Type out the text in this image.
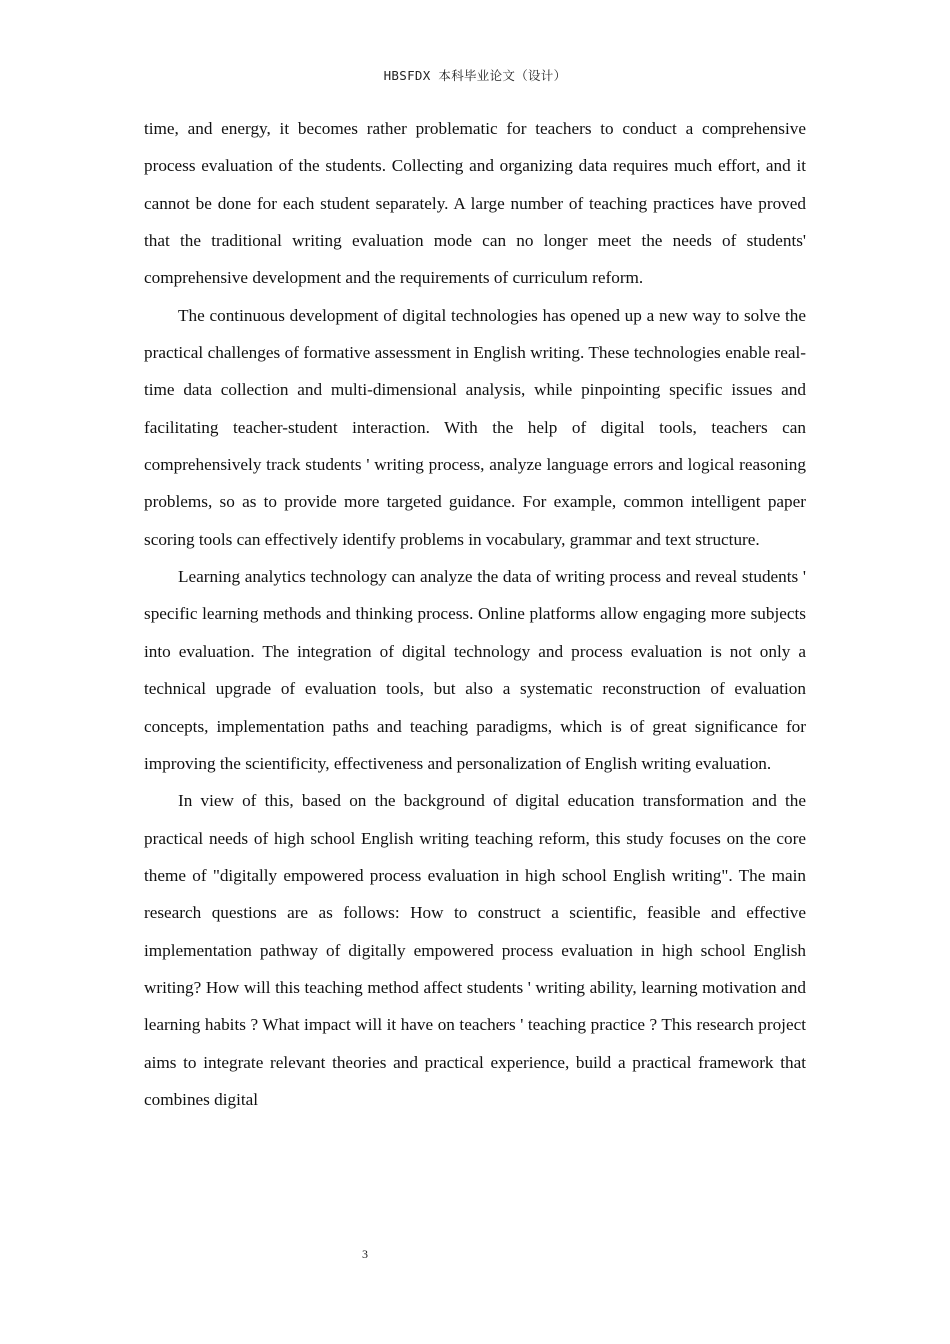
HBSFDX 本科毕业论文（设计）

time, and energy, it becomes rather problematic for teachers to conduct a comprehensive process evaluation of the students. Collecting and organizing data requires much effort, and it cannot be done for each student separately. A large number of teaching practices have proved that the traditional writing evaluation mode can no longer meet the needs of students' comprehensive development and the requirements of curriculum reform.

The continuous development of digital technologies has opened up a new way to solve the practical challenges of formative assessment in English writing. These technologies enable real-time data collection and multi-dimensional analysis, while pinpointing specific issues and facilitating teacher-student interaction. With the help of digital tools, teachers can comprehensively track students ' writing process, analyze language errors and logical reasoning problems, so as to provide more targeted guidance. For example, common intelligent paper scoring tools can effectively identify problems in vocabulary, grammar and text structure.

Learning analytics technology can analyze the data of writing process and reveal students ' specific learning methods and thinking process. Online platforms allow engaging more subjects into evaluation. The integration of digital technology and process evaluation is not only a technical upgrade of evaluation tools, but also a systematic reconstruction of evaluation concepts, implementation paths and teaching paradigms, which is of great significance for improving the scientificity, effectiveness and personalization of English writing evaluation.

In view of this, based on the background of digital education transformation and the practical needs of high school English writing teaching reform, this study focuses on the core theme of "digitally empowered process evaluation in high school English writing". The main research questions are as follows: How to construct a scientific, feasible and effective implementation pathway of digitally empowered process evaluation in high school English writing? How will this teaching method affect students ' writing ability, learning motivation and learning habits ? What impact will it have on teachers ' teaching practice ? This research project aims to integrate relevant theories and practical experience, build a practical framework that combines digital

3
